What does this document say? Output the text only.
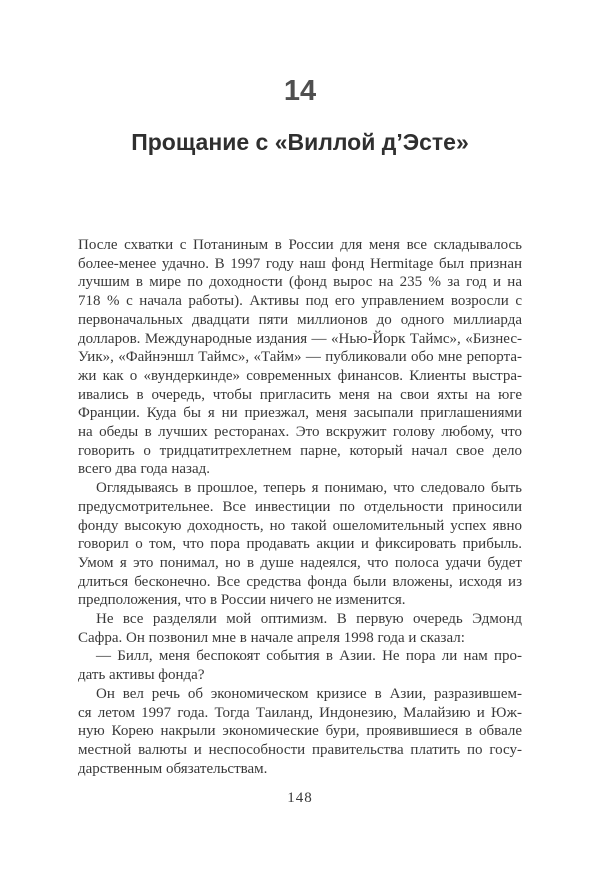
14
Прощание с «Виллой д’Эсте»
После схватки с Потаниным в России для меня все складывалось
более-менее удачно. В 1997 году наш фонд Hermitage был признан
лучшим в мире по доходности (фонд вырос на 235 % за год и на
718 % с начала работы). Активы под его управлением возросли с
первоначальных двадцати пяти миллионов до одного миллиарда
долларов. Международные издания — «Нью-Йорк Таймс», «Бизнес-
Уик», «Файнэншл Таймс», «Тайм» — публиковали обо мне репорта-
жи как о «вундеркинде» современных финансов. Клиенты выстра-
ивались в очередь, чтобы пригласить меня на свои яхты на юге
Франции. Куда бы я ни приезжал, меня засыпали приглашениями
на обеды в лучших ресторанах. Это вскружит голову любому, что
говорить о тридцатитрехлетнем парне, который начал свое дело
всего два года назад.
Оглядываясь в прошлое, теперь я понимаю, что следовало быть
предусмотрительнее. Все инвестиции по отдельности приносили
фонду высокую доходность, но такой ошеломительный успех явно
говорил о том, что пора продавать акции и фиксировать прибыль.
Умом я это понимал, но в душе надеялся, что полоса удачи будет
длиться бесконечно. Все средства фонда были вложены, исходя из
предположения, что в России ничего не изменится.
Не все разделяли мой оптимизм. В первую очередь Эдмонд
Сафра. Он позвонил мне в начале апреля 1998 года и сказал:
— Билл, меня беспокоят события в Азии. Не пора ли нам про-
дать активы фонда?
Он вел речь об экономическом кризисе в Азии, разразившем-
ся летом 1997 года. Тогда Таиланд, Индонезию, Малайзию и Юж-
ную Корею накрыли экономические бури, проявившиеся в обвале
местной валюты и неспособности правительства платить по госу-
дарственным обязательствам.
148
